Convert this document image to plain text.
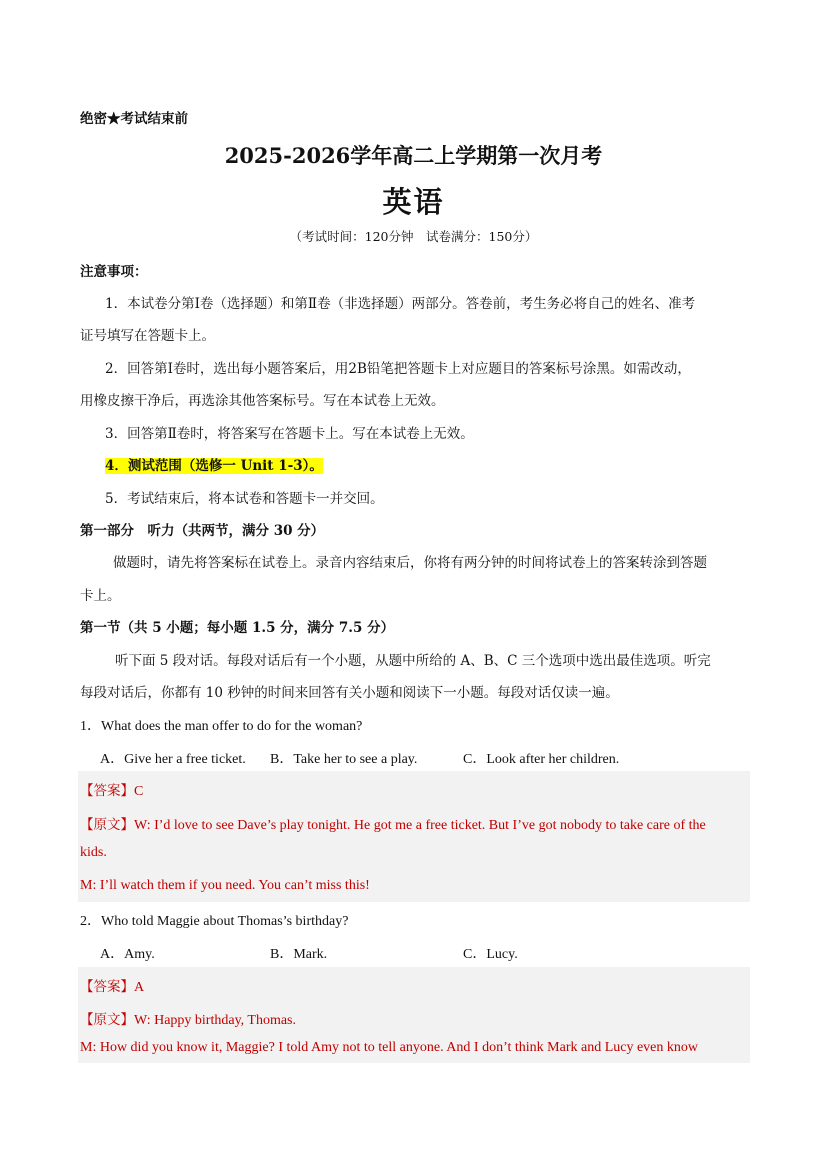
绝密★考试结束前
2025-2026学年高二上学期第一次月考
英语
（考试时间：120分钟　试卷满分：150分）
注意事项：
1．本试卷分第Ⅰ卷（选择题）和第Ⅱ卷（非选择题）两部分。答卷前，考生务必将自己的姓名、准考
证号填写在答题卡上。
2．回答第Ⅰ卷时，选出每小题答案后，用2B铅笔把答题卡上对应题目的答案标号涂黑。如需改动，
用橡皮擦干净后，再选涂其他答案标号。写在本试卷上无效。
3．回答第Ⅱ卷时，将答案写在答题卡上。写在本试卷上无效。
4．测试范围（选修一 Unit 1-3）。
5．考试结束后，将本试卷和答题卡一并交回。
第一部分　听力（共两节，满分 30 分）
做题时，请先将答案标在试卷上。录音内容结束后，你将有两分钟的时间将试卷上的答案转涂到答题
卡上。
第一节（共 5 小题；每小题 1.5 分，满分 7.5 分）
听下面 5 段对话。每段对话后有一个小题，从题中所给的 A、B、C 三个选项中选出最佳选项。听完
每段对话后，你都有 10 秒钟的时间来回答有关小题和阅读下一小题。每段对话仅读一遍。
1．What does the man offer to do for the woman?
A．Give her a free ticket. B．Take her to see a play.	C．Look after her children.
【答案】C
【原文】W: I’d love to see Dave’s play tonight. He got me a free ticket. But I’ve got nobody to take care of the
kids.
M: I’ll watch them if you need. You can’t miss this!
2．Who told Maggie about Thomas’s birthday?
A．Amy.	B．Mark.	C．Lucy.
【答案】A
【原文】W: Happy birthday, Thomas.
M: How did you know it, Maggie? I told Amy not to tell anyone. And I don’t think Mark and Lucy even know
